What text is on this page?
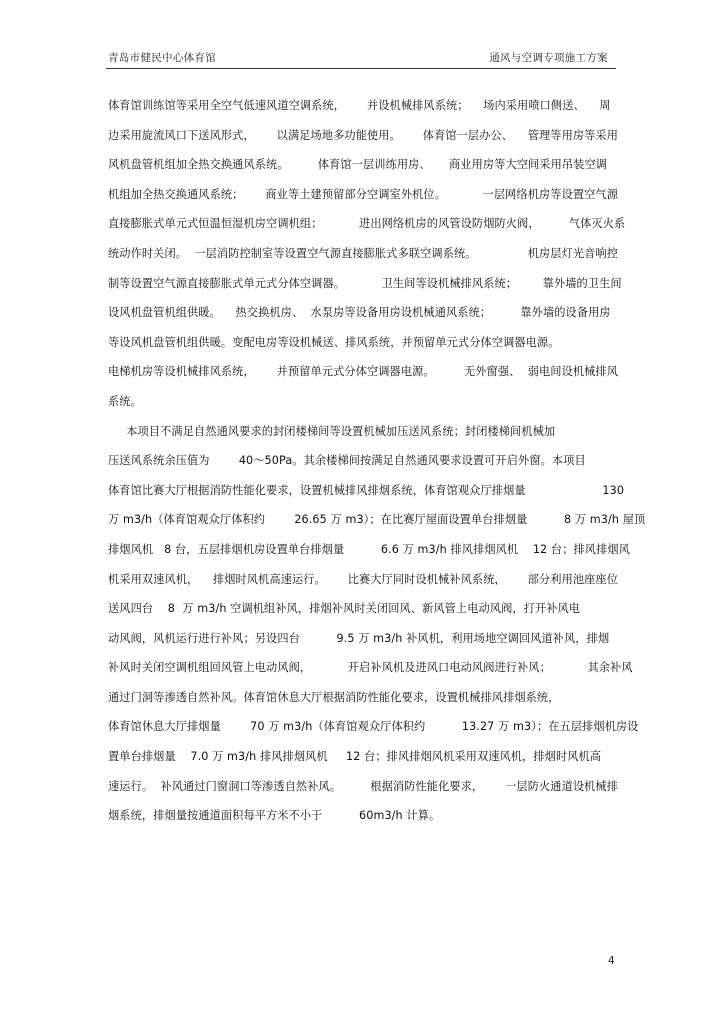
青岛市健民中心体育馆	通风与空调专项施工方案
体育馆训练馆等采用全空气低速风道空调系统，      并设机械排风系统；    场内采用喷口侧送、    周
边采用旋流风口下送风形式，      以满足场地多功能使用。      体育馆一层办公、    管理等用房等采用
风机盘管机组加全热交换通风系统。        体育馆一层训练用房、     商业用房等大空间采用吊装空调
机组加全热交换通风系统；      商业等土建预留部分空调室外机位。          一层网络机房等设置空气源
直接膨胀式单元式恒温恒湿机房空调机组；          进出网络机房的风管设防烟防火阀，        气体灭火系
统动作时关闭。  一层消防控制室等设置空气源直接膨胀式多联空调系统。              机房层灯光音响控
制等设置空气源直接膨胀式单元式分体空调器。          卫生间等设机械排风系统；       靠外墙的卫生间
设风机盘管机组供暖。    热交换机房、  水泵房等设备用房设机械通风系统；        靠外墙的设备用房
等设风机盘管机组供暖。变配电房等设机械送、排风系统，并预留单元式分体空调器电源。
电梯机房等设机械排风系统，      并预留单元式分体空调器电源。        无外窗强、  弱电间设机械排风
系统。
本项目不满足自然通风要求的封闭楼梯间等设置机械加压送风系统；封闭楼梯间机械加
压送风系统余压值为        40～50Pa。其余楼梯间按满足自然通风要求设置可开启外窗。本项目
体育馆比赛大厅根据消防性能化要求，设置机械排风排烟系统，体育馆观众厅排烟量                     130
万 m3/h（体育馆观众厅体积约        26.65 万 m3）；在比赛厅屋面设置单台排烟量          8 万 m3/h 屋顶
排烟风机   8 台，五层排烟机房设置单台排烟量          6.6 万 m3/h 排风排烟风机    12 台；排风排烟风
机采用双速风机，    排烟时风机高速运行。      比赛大厅同时设机械补风系统，      部分利用池座座位
送风四台    8  万 m3/h 空调机组补风，排烟补风时关闭回风、新风管上电动风阀，打开补风电
动风阀，风机运行进行补风；另设四台          9.5 万 m3/h 补风机，利用场地空调回风道补风，排烟
补风时关闭空调机组回风管上电动风阀，          开启补风机及进风口电动风阀进行补风；          其余补风
通过门洞等渗透自然补风。体育馆休息大厅根据消防性能化要求，设置机械排风排烟系统，
体育馆休息大厅排烟量        70 万 m3/h（体育馆观众厅体积约          13.27 万 m3）；在五层排烟机房设
置单台排烟量    7.0 万 m3/h 排风排烟风机     12 台；排风排烟风机采用双速风机，排烟时风机高
速运行。  补风通过门窗洞口等渗透自然补风。        根据消防性能化要求，      一层防火通道设机械排
烟系统，排烟量按通道面积每平方米不小于          60m3/h 计算。
4
